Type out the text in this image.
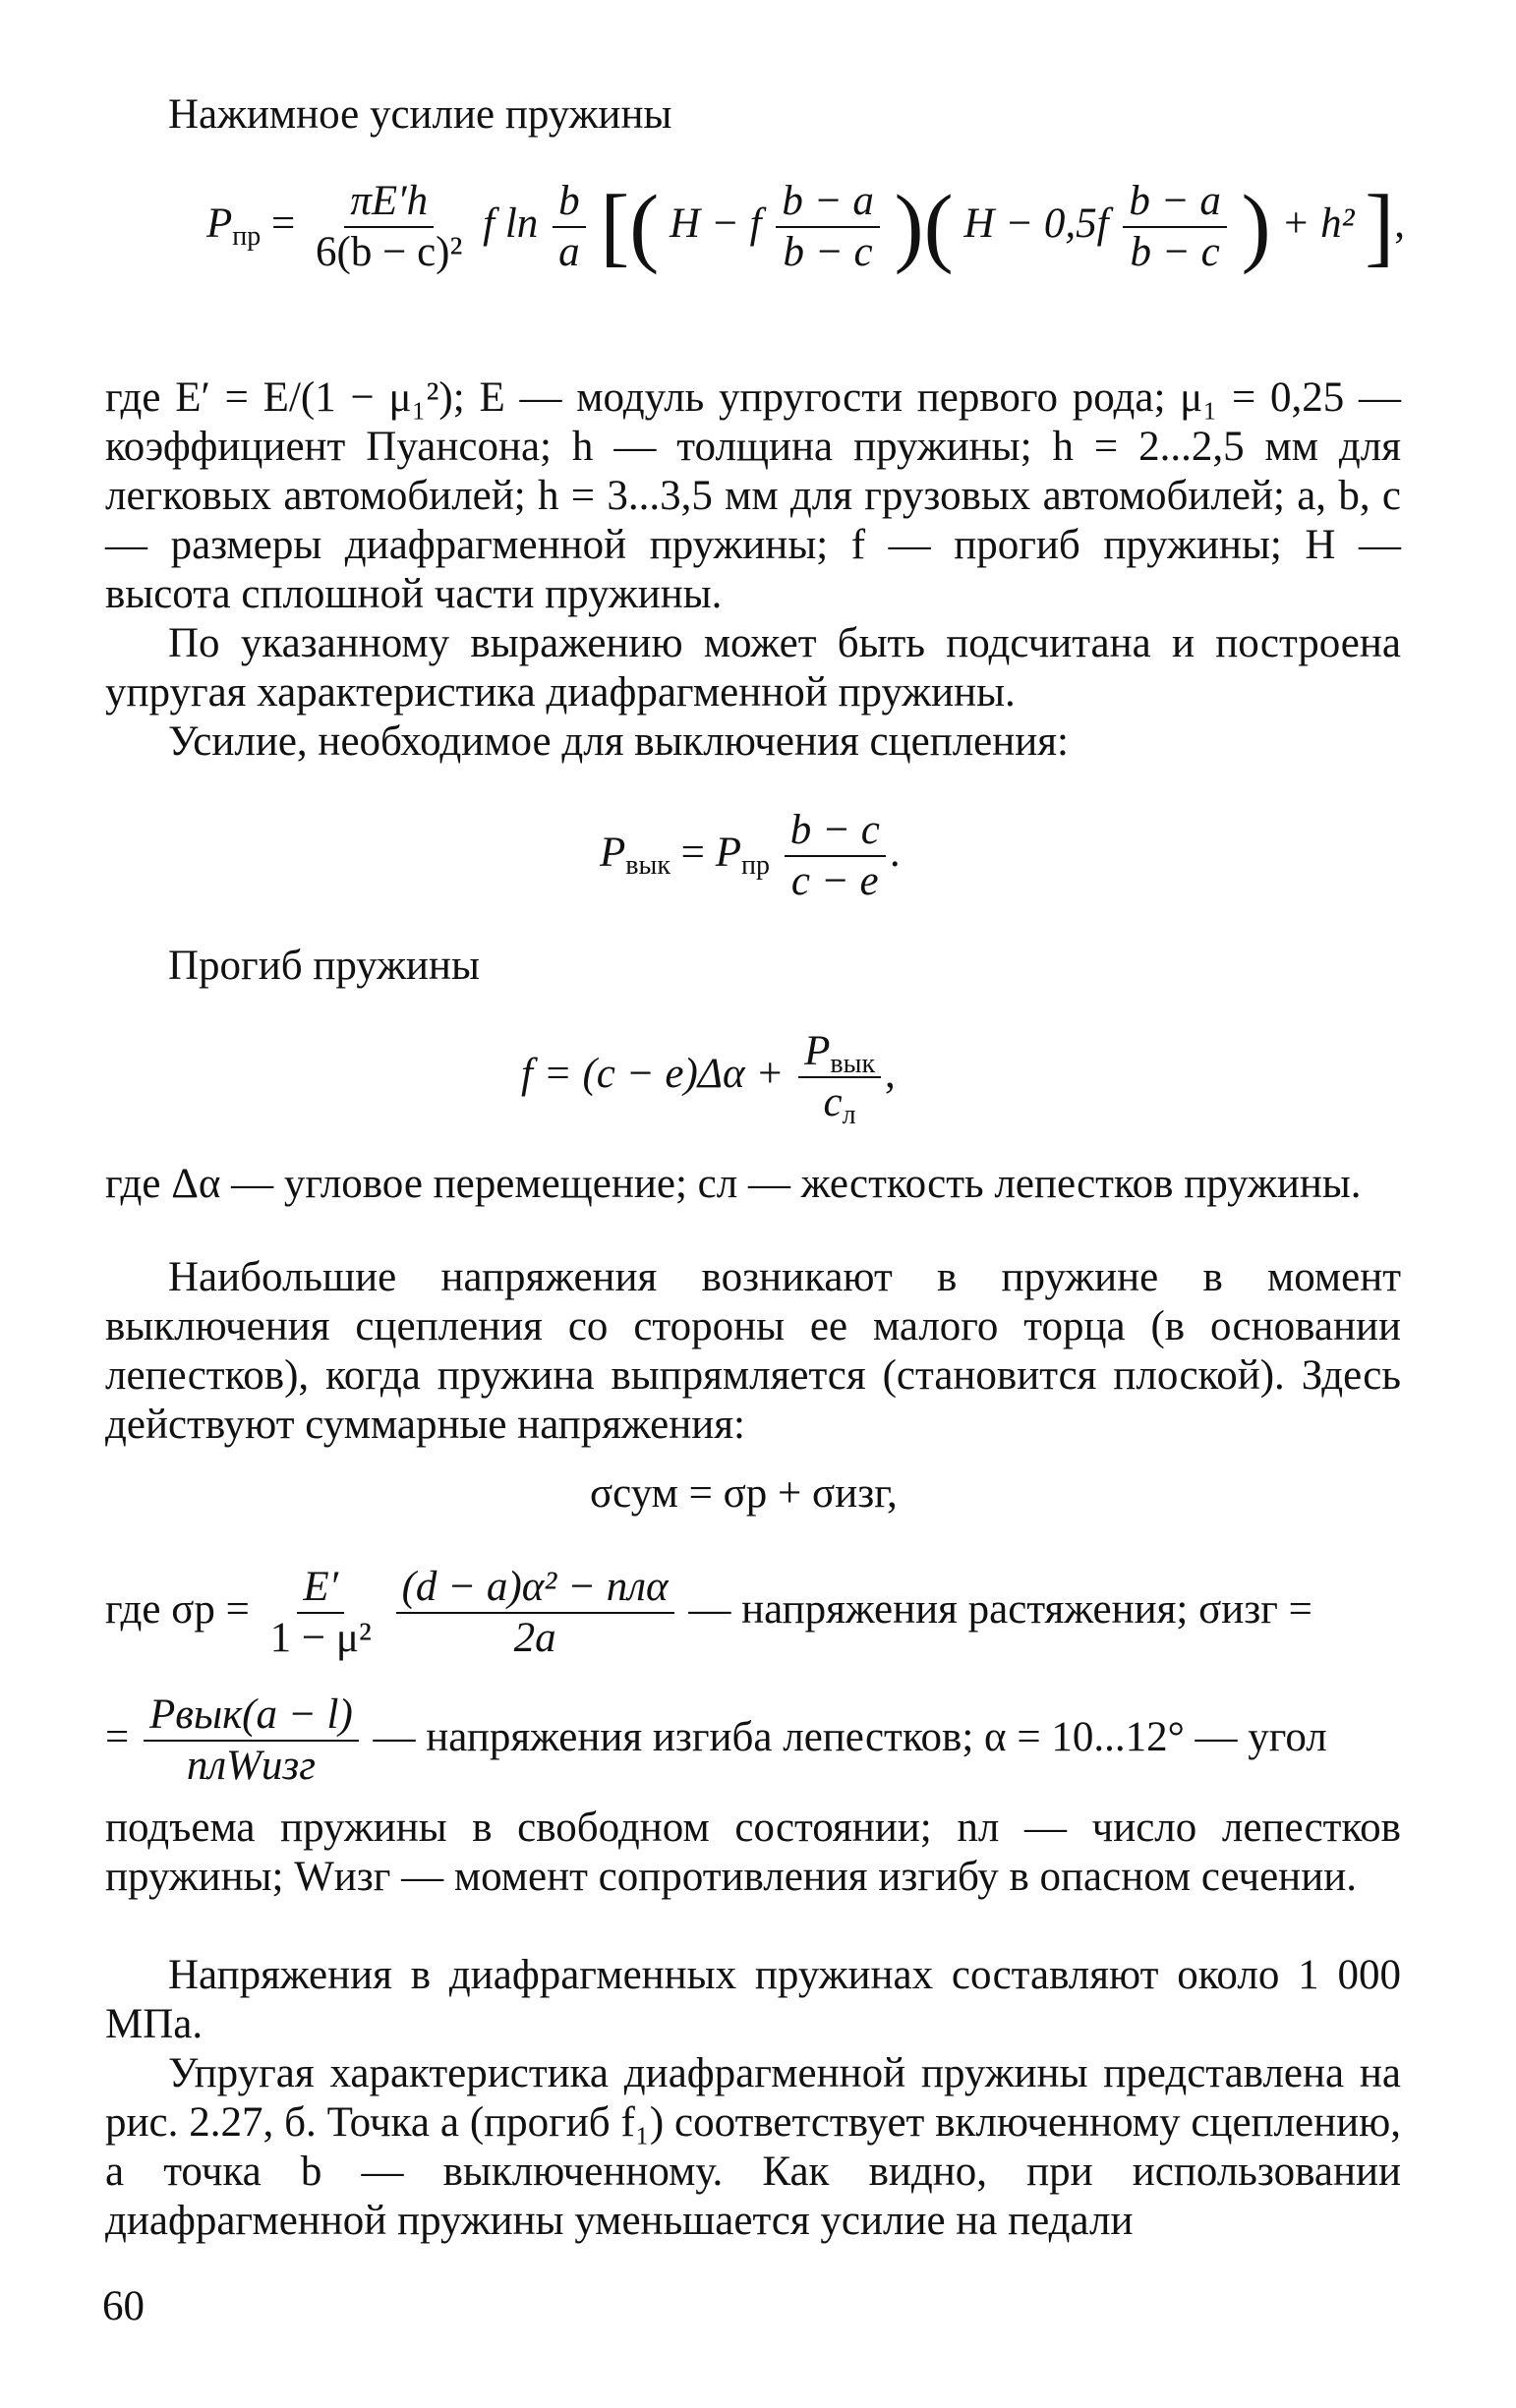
Нажимное усилие пружины
$P_{пр} = \frac{\pi E'h}{\text{6(b − c)²}}$ f $\ln \frac{b}{a}$ [( H − f $\frac{b - a}{b - c}$ )( $H - 0,5f \frac{b - a}{b - c}$ ) + h² ],
где E′ = E/(1 − μ₁²); E — модуль упругости первого рода; μ₁ = 0,25 — коэффициент Пуансона; h — толщина пружины; h = 2...2,5 мм для легковых автомобилей; h = 3...3,5 мм для грузовых автомобилей; a, b, c — размеры диафрагменной пружины; f — прогиб пружины; H — высота сплошной части пружины.
По указанному выражению может быть подсчитана и построена упругая характеристика диафрагменной пружины.
Усилие, необходимое для выключения сцепления:
$P_{вык} = P_{пр} \frac{b - c}{c - e}$ .
Прогиб пружины
$f = (c - e)\Delta\alpha + \frac{P_{вык}}{c_л}$ ,
где Δα — угловое перемещение; cл — жесткость лепестков пружины.
Наибольшие напряжения возникают в пружине в момент выключения сцепления со стороны ее малого торца (в основании лепестков), когда пружина выпрямляется (становится плоской). Здесь действуют суммарные напряжения:
σсум = σр + σизг,
где $\sigma р = \frac{E'}{\text{1 − μ²}}$
$\frac{\text{(d − a)α² − nлα}}{2a}$ — напряжения растяжения; σизг =
= $\frac{\text{Pвык(a − l)}}{\text{nлWизг}}$ — напряжения изгиба лепестков; α = 10...12° — угол
подъема пружины в свободном состоянии; nл — число лепестков пружины; Wизг — момент сопротивления изгибу в опасном сечении.
Напряжения в диафрагменных пружинах составляют около 1 000 МПа.
Упругая характеристика диафрагменной пружины представлена на рис. 2.27, б. Точка a (прогиб f₁) соответствует включенному сцеплению, а точка b — выключенному. Как видно, при использовании диафрагменной пружины уменьшается усилие на педали
60
